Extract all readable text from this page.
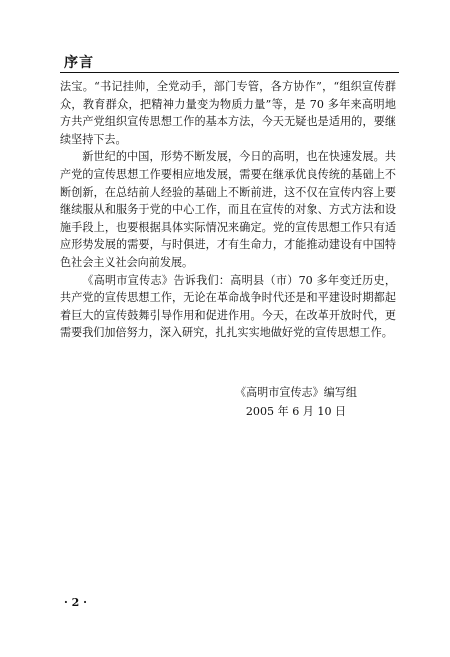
序言

法宝。“书记挂帅，全党动手，部门专管，各方协作”，“组织宣传群众，教育群众，把精神力量变为物质力量”等，是 70 多年来高明地方共产党组织宣传思想工作的基本方法，今天无疑也是适用的，要继续坚持下去。

新世纪的中国，形势不断发展，今日的高明，也在快速发展。共产党的宣传思想工作要相应地发展，需要在继承优良传统的基础上不断创新，在总结前人经验的基础上不断前进，这不仅在宣传内容上要继续服从和服务于党的中心工作，而且在宣传的对象、方式方法和设施手段上，也要根据具体实际情况来确定。党的宣传思想工作只有适应形势发展的需要，与时俱进，才有生命力，才能推动建设有中国特色社会主义社会向前发展。

《高明市宣传志》告诉我们：高明县（市）70 多年变迁历史，共产党的宣传思想工作，无论在革命战争时代还是和平建设时期都起着巨大的宣传鼓舞引导作用和促进作用。今天，在改革开放时代，更需要我们加倍努力，深入研究，扎扎实实地做好党的宣传思想工作。

《高明市宣传志》编写组
2005 年 6 月 10 日
· 2 ·
